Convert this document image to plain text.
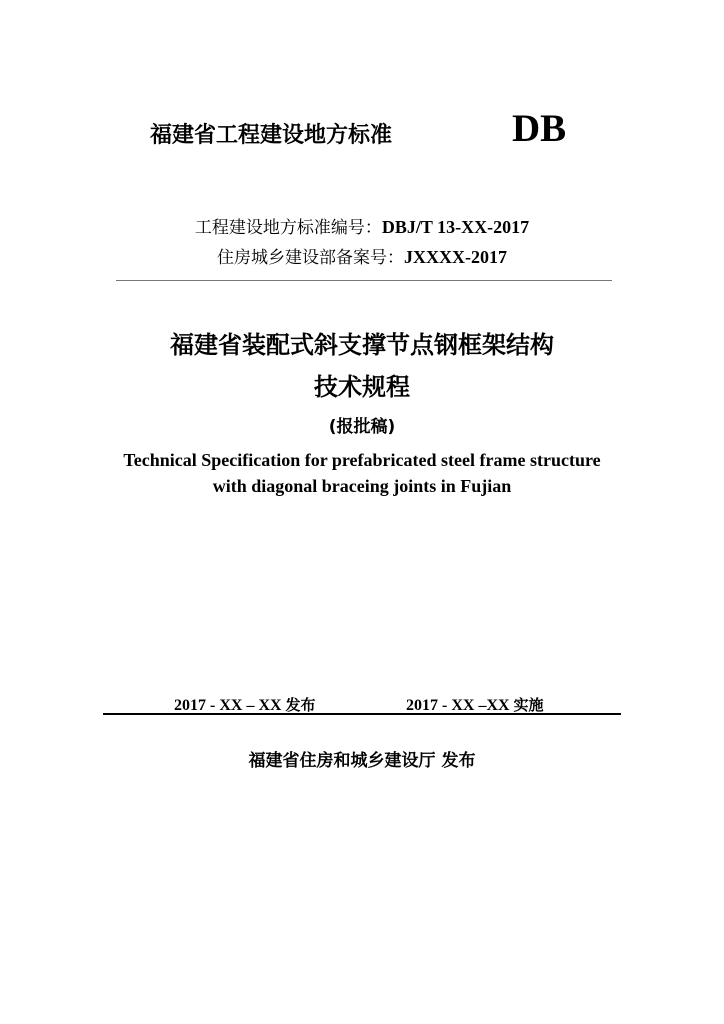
福建省工程建设地方标准	DB
工程建设地方标准编号：DBJ/T 13-XX-2017
住房城乡建设部备案号：JXXXX-2017
福建省装配式斜支撑节点钢框架结构
技术规程
(报批稿)
Technical Specification for prefabricated steel frame structure
with diagonal braceing joints in Fujian
2017 - XX – XX 发布	2017 - XX –XX 实施
福建省住房和城乡建设厅 发布
